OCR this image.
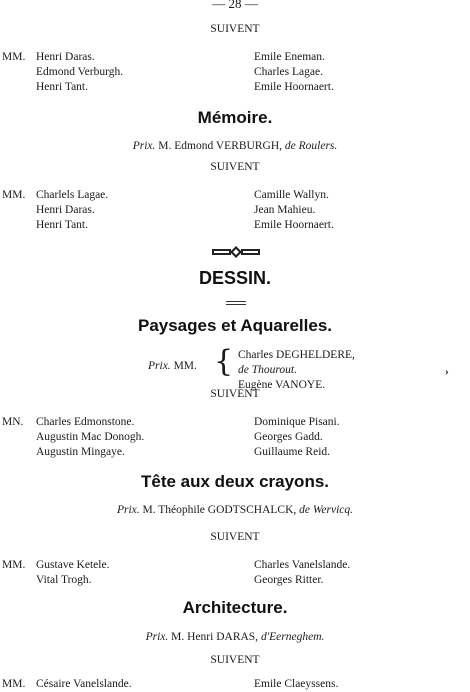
— 28 —
SUIVENT
MM. Henri Daras.
Edmond Verburgh.
Henri Tant.
Emile Eneman.
Charles Lagae.
Emile Hoornaert.
Mémoire.
Prix. M. Edmond VERBURGH, de Roulers.
SUIVENT
MM. Charlels Lagae.
Henri Daras.
Henri Tant.
Camille Wallyn.
Jean Mahieu.
Emile Hoornaert.
DESSIN.
Paysages et Aquarelles.
Prix. MM. { Charles DEGHELDERE,
de Thourout.
Eugène VANOYE.
›
SUIVENT
MN. Charles Edmonstone.
Augustin Mac Donogh.
Augustin Mingaye.
Dominique Pisani.
Georges Gadd.
Guillaume Reid.
Tête aux deux crayons.
Prix. M. Théophile GODTSCHALCK, de Wervicq.
SUIVENT
MM. Gustave Ketele.
Vital Trogh.
Charles Vanelslande.
Georges Ritter.
Architecture.
Prix. M. Henri DARAS, d'Eerneghem.
SUIVENT
MM. Césaire Vanelslande.	Emile Claeyssens.
